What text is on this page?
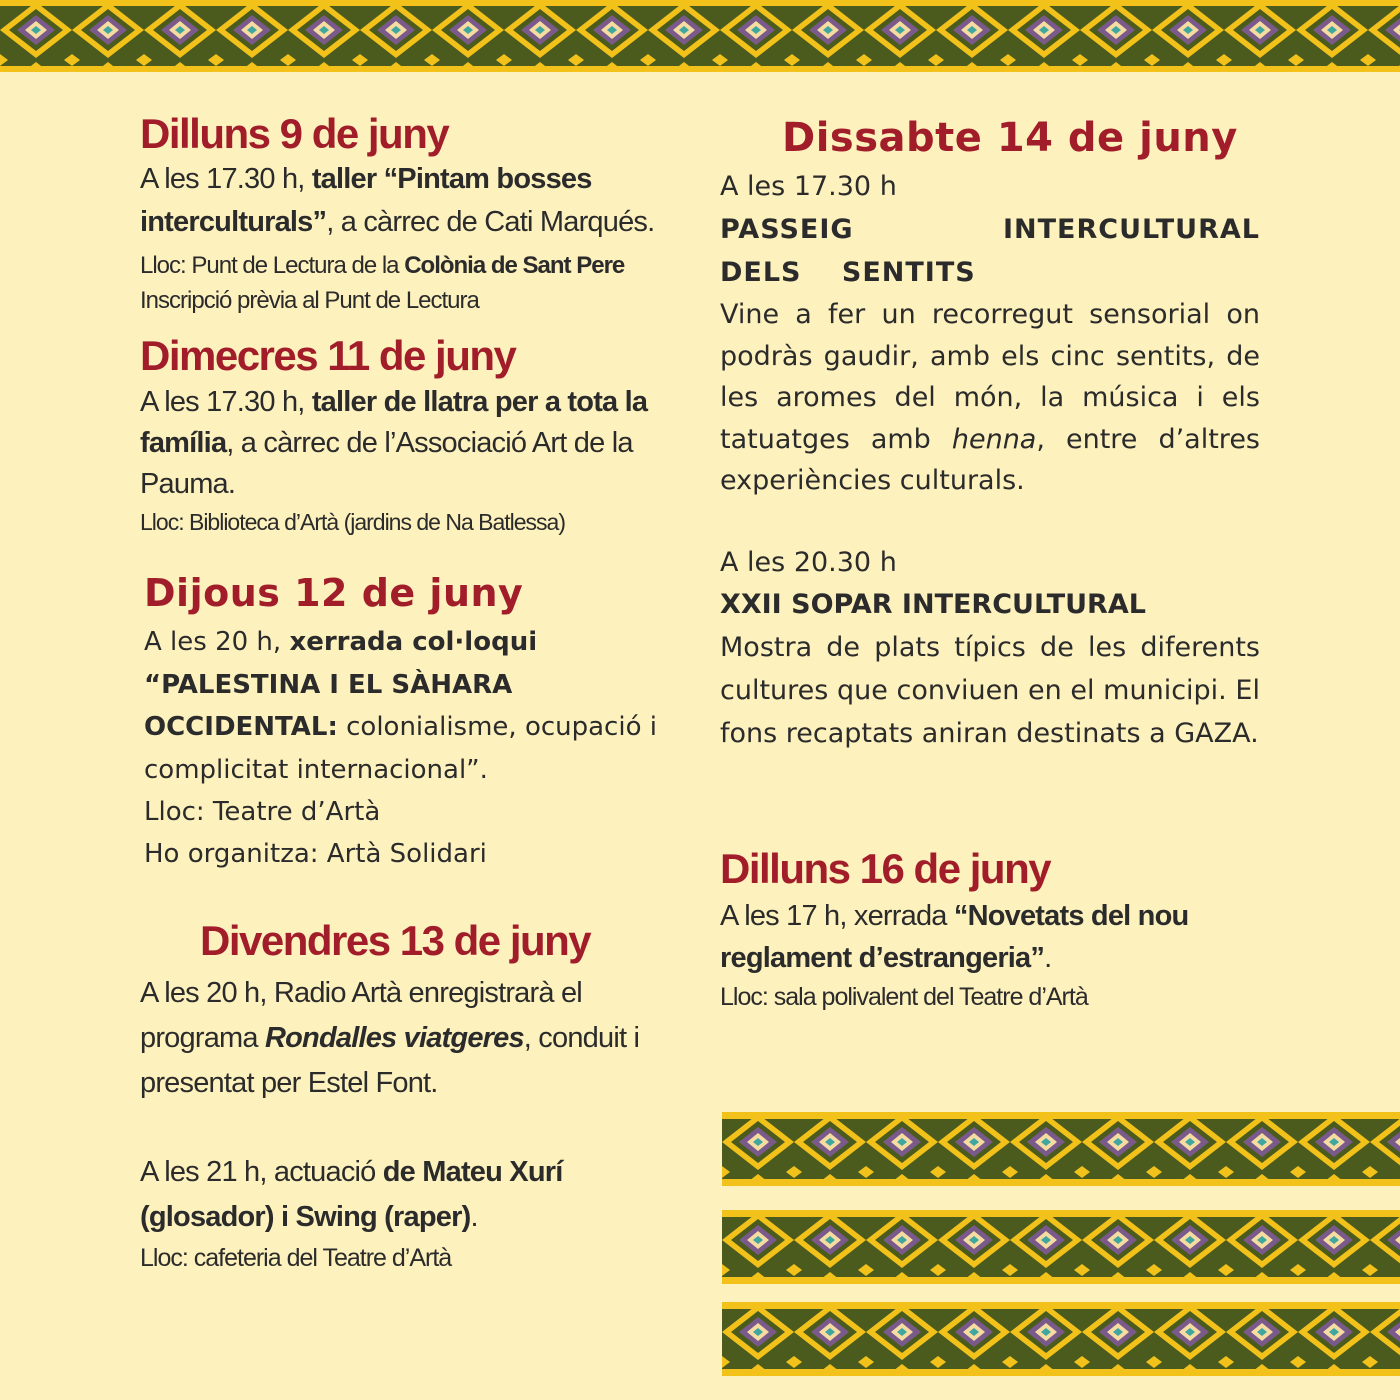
Dilluns 9 de juny

A les 17.30 h, taller “Pintam bosses interculturals”, a càrrec de Cati Marqués.

Lloc: Punt de Lectura de la Colònia de Sant Pere

Inscripció prèvia al Punt de Lectura

Dimecres 11 de juny

A les 17.30 h, taller de llatra per a tota la família, a càrrec de l’Associació Art de la Pauma.

Lloc: Biblioteca d’Artà (jardins de Na Batlessa)

Dijous 12 de juny

A les 20 h, xerrada col·loqui “PALESTINA I EL SÀHARA OCCIDENTAL: colonialisme, ocupació i complicitat internacional”.

Lloc: Teatre d’Artà

Ho organitza: Artà Solidari

Divendres 13 de juny

A les 20 h, Radio Artà enregistrarà el programa Rondalles viatgeres, conduit i presentat per Estel Font.

A les 21 h, actuació de Mateu Xurí (glosador) i Swing (raper).

Lloc: cafeteria del Teatre d’Artà

Dissabte 14 de juny

A les 17.30 h

PASSEIG INTERCULTURAL DELS SENTITS

Vine a fer un recorregut sensorial on podràs gaudir, amb els cinc sentits, de les aromes del món, la música i els tatuatges amb henna, entre d’altres experiències culturals.

A les 20.30 h

XXII SOPAR INTERCULTURAL

Mostra de plats típics de les diferents cultures que conviuen en el municipi. El fons recaptats aniran destinats a GAZA.

Dilluns 16 de juny

A les 17 h, xerrada “Novetats del nou reglament d’estrangeria”.

Lloc: sala polivalent del Teatre d’Artà
